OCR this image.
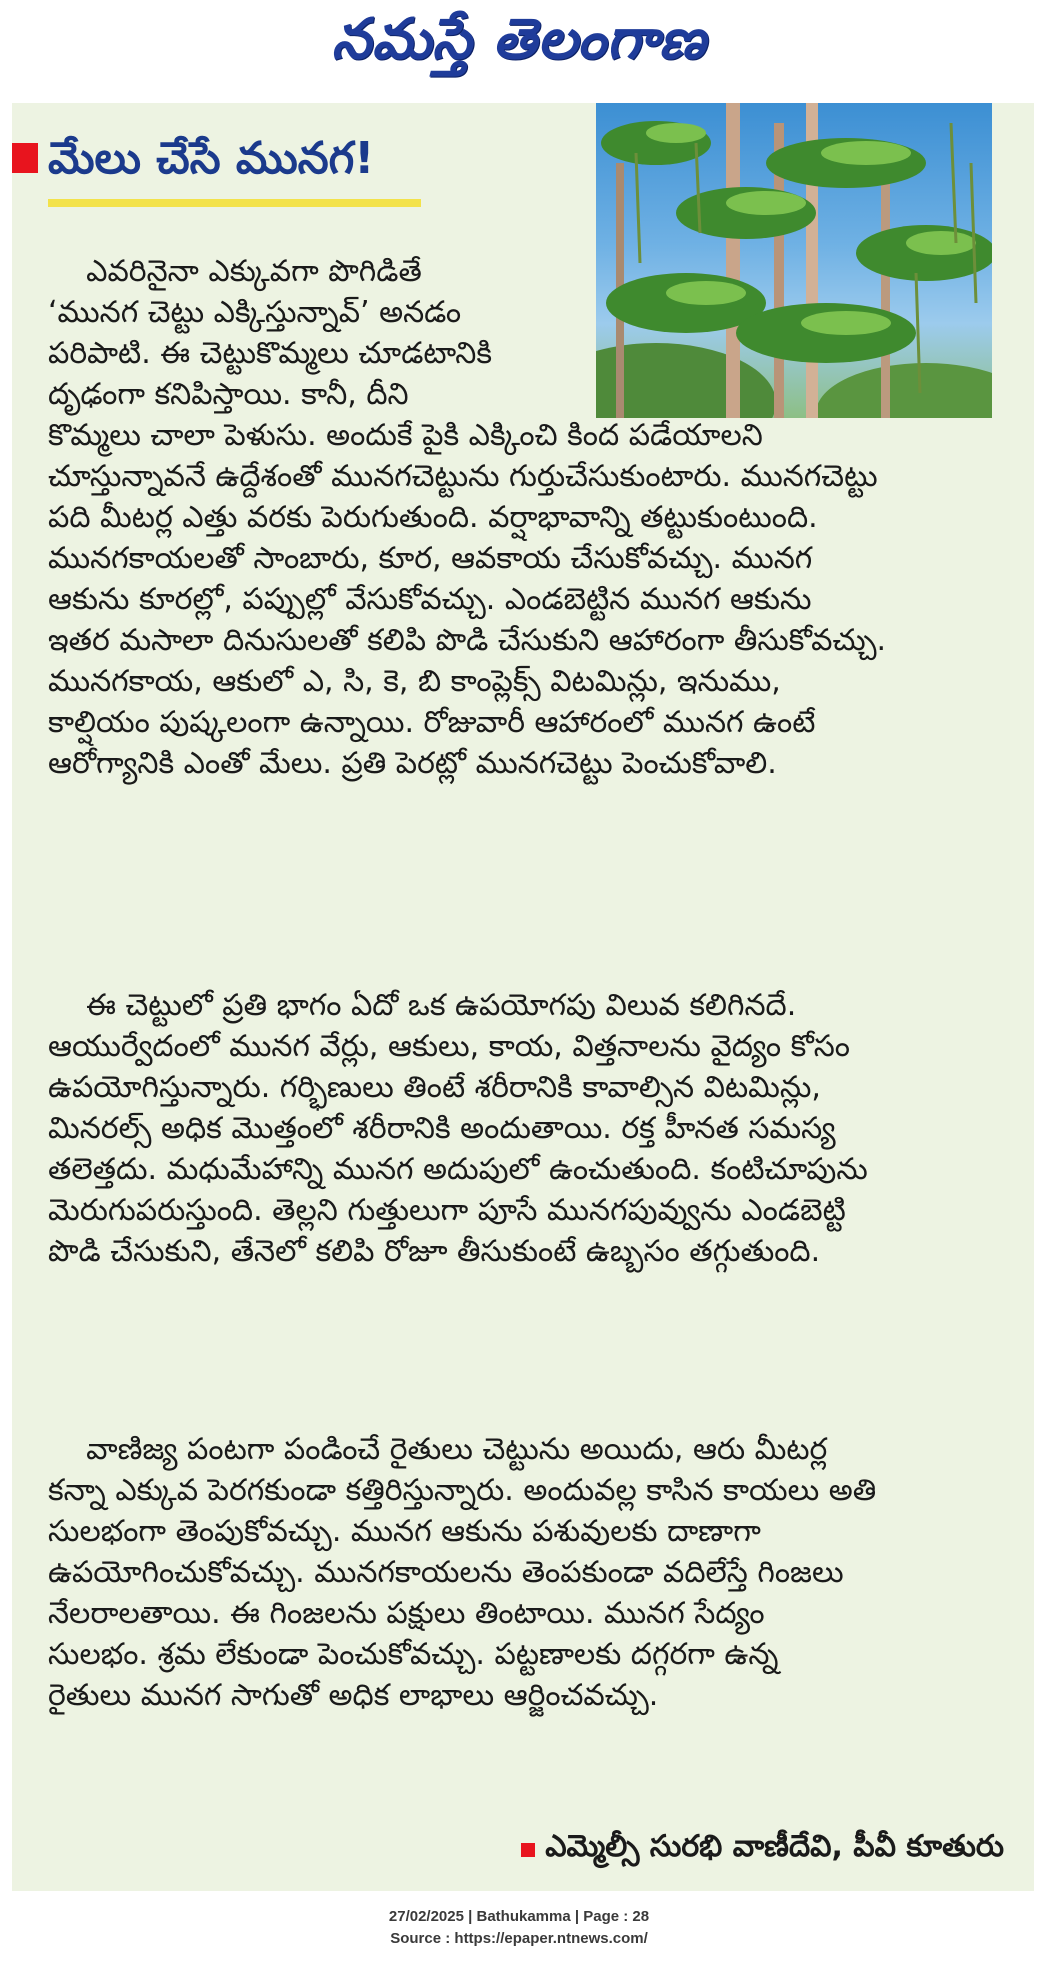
నమస్తే తెలంగాణ
మేలు చేసే మునగ!

ఎవరినైనా ఎక్కువగా పొగిడితే
‘మునగ చెట్టు ఎక్కిస్తున్నావ్’ అనడం
పరిపాటి. ఈ చెట్టుకొమ్మలు చూడటానికి
దృఢంగా కనిపిస్తాయి. కానీ, దీని
కొమ్మలు చాలా పెళుసు. అందుకే పైకి ఎక్కించి కింద పడేయాలని
చూస్తున్నావనే ఉద్దేశంతో మునగచెట్టును గుర్తుచేసుకుంటారు. మునగచెట్టు
పది మీటర్ల ఎత్తు వరకు పెరుగుతుంది. వర్షాభావాన్ని తట్టుకుంటుంది.
మునగకాయలతో సాంబారు, కూర, ఆవకాయ చేసుకోవచ్చు. మునగ
ఆకును కూరల్లో, పప్పుల్లో వేసుకోవచ్చు. ఎండబెట్టిన మునగ ఆకును
ఇతర మసాలా దినుసులతో కలిపి పొడి చేసుకుని ఆహారంగా తీసుకోవచ్చు.
మునగకాయ, ఆకులో ఎ, సి, కె, బి కాంప్లెక్స్ విటమిన్లు, ఇనుము,
కాల్షియం పుష్కలంగా ఉన్నాయి. రోజువారీ ఆహారంలో మునగ ఉంటే
ఆరోగ్యానికి ఎంతో మేలు. ప్రతి పెరట్లో మునగచెట్టు పెంచుకోవాలి.

ఈ చెట్టులో ప్రతి భాగం ఏదో ఒక ఉపయోగపు విలువ కలిగినదే.
ఆయుర్వేదంలో మునగ వేర్లు, ఆకులు, కాయ, విత్తనాలను వైద్యం కోసం
ఉపయోగిస్తున్నారు. గర్భిణులు తింటే శరీరానికి కావాల్సిన విటమిన్లు,
మినరల్స్ అధిక మొత్తంలో శరీరానికి అందుతాయి. రక్త హీనత సమస్య
తలెత్తదు. మధుమేహాన్ని మునగ అదుపులో ఉంచుతుంది. కంటిచూపును
మెరుగుపరుస్తుంది. తెల్లని గుత్తులుగా పూసే మునగపువ్వును ఎండబెట్టి
పొడి చేసుకుని, తేనెలో కలిపి రోజూ తీసుకుంటే ఉబ్బసం తగ్గుతుంది.

వాణిజ్య పంటగా పండించే రైతులు చెట్టును అయిదు, ఆరు మీటర్ల
కన్నా ఎక్కువ పెరగకుండా కత్తిరిస్తున్నారు. అందువల్ల కాసిన కాయలు అతి
సులభంగా తెంపుకోవచ్చు. మునగ ఆకును పశువులకు దాణాగా
ఉపయోగించుకోవచ్చు. మునగకాయలను తెంపకుండా వదిలేస్తే గింజలు
నేలరాలతాయి. ఈ గింజలను పక్షులు తింటాయి. మునగ సేద్యం
సులభం. శ్రమ లేకుండా పెంచుకోవచ్చు. పట్టణాలకు దగ్గరగా ఉన్న
రైతులు మునగ సాగుతో అధిక లాభాలు ఆర్జించవచ్చు.

ఎమ్మెల్సీ సురభి వాణీదేవి, పీవీ కూతురు
27/02/2025 | Bathukamma | Page : 28
Source : https://epaper.ntnews.com/
